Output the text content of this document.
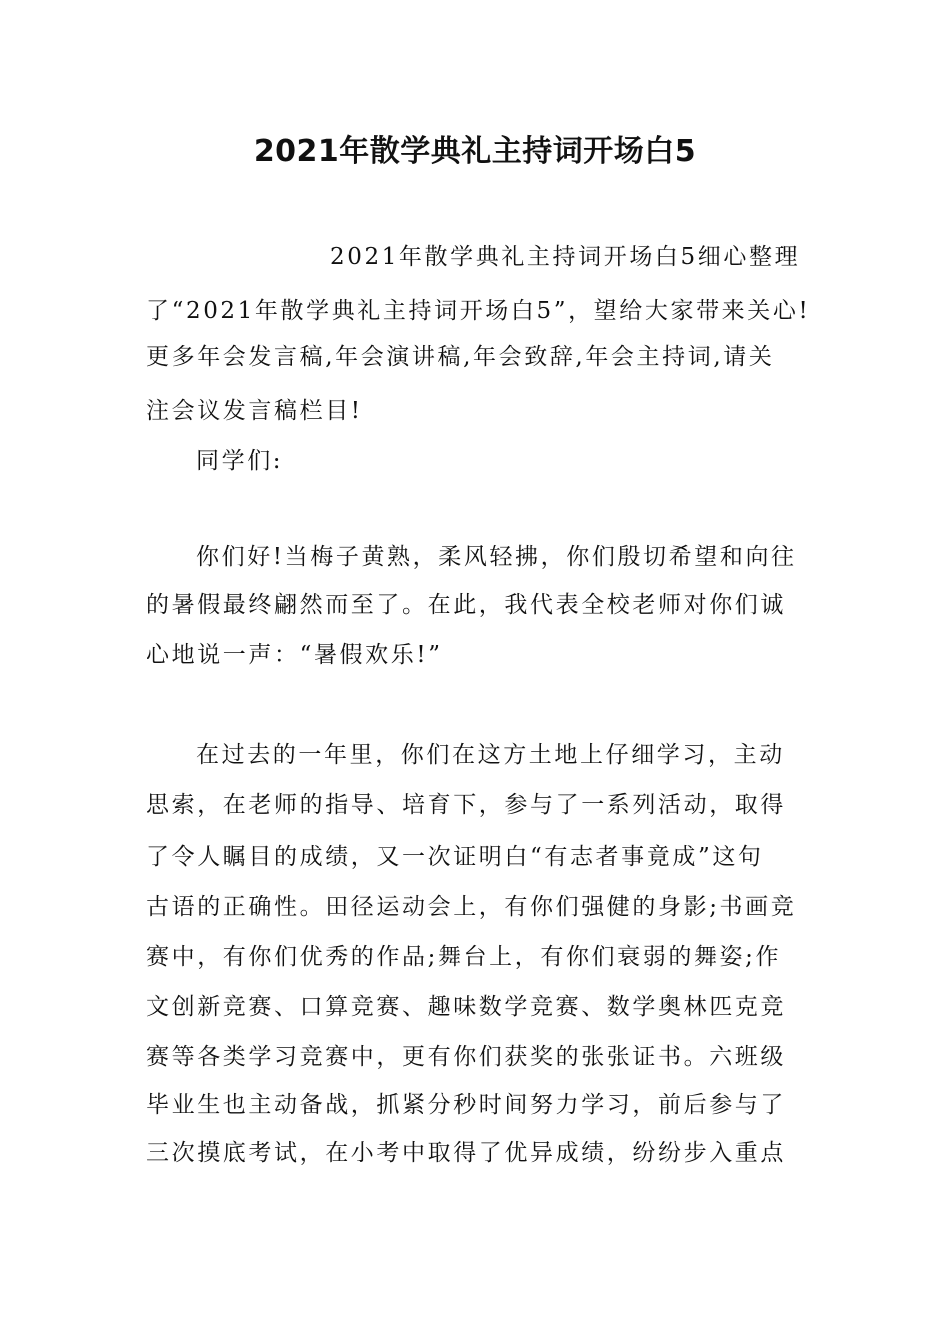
2021年散学典礼主持词开场白5

2021年散学典礼主持词开场白5细心整理

了“2021年散学典礼主持词开场白5”，望给大家带来关心!

更多年会发言稿,年会演讲稿,年会致辞,年会主持词,请关

注会议发言稿栏目!

同学们:

你们好!当梅子黄熟，柔风轻拂，你们殷切希望和向往

的暑假最终翩然而至了。在此，我代表全校老师对你们诚

心地说一声：“暑假欢乐!”

在过去的一年里，你们在这方土地上仔细学习，主动

思索，在老师的指导、培育下，参与了一系列活动，取得

了令人瞩目的成绩，又一次证明白“有志者事竟成”这句

古语的正确性。田径运动会上，有你们强健的身影;书画竞

赛中，有你们优秀的作品;舞台上，有你们衰弱的舞姿;作

文创新竞赛、口算竞赛、趣味数学竞赛、数学奥林匹克竞

赛等各类学习竞赛中，更有你们获奖的张张证书。六班级

毕业生也主动备战，抓紧分秒时间努力学习，前后参与了

三次摸底考试，在小考中取得了优异成绩，纷纷步入重点
